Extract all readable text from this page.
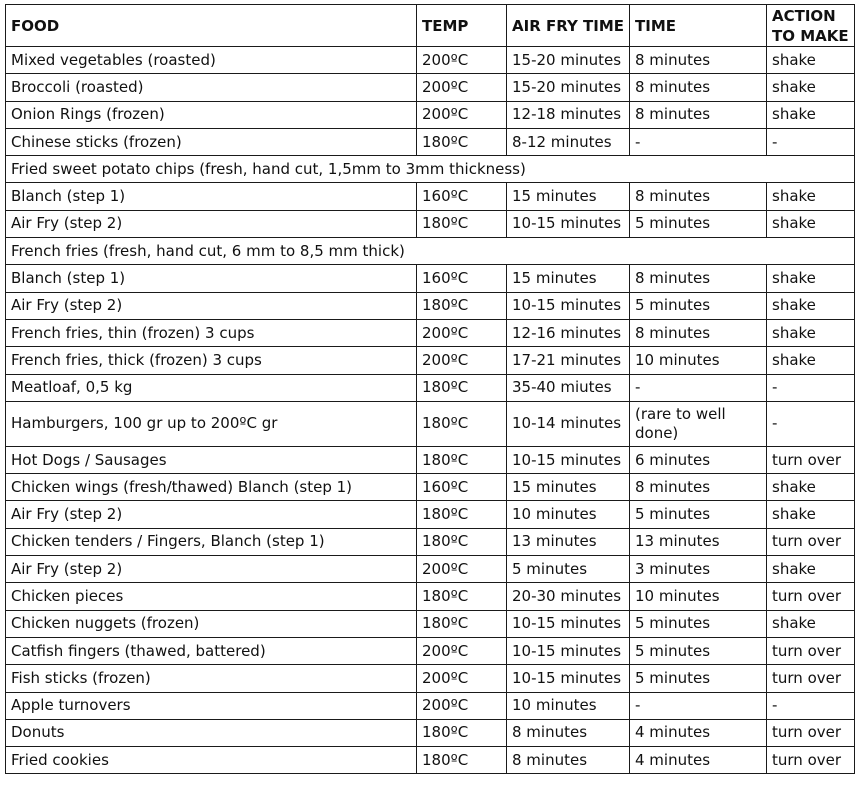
FOOD	TEMP	AIR FRY TIME	TIME	ACTION TO MAKE
Mixed vegetables (roasted)	200ºC	15-20 minutes	8 minutes	shake
Broccoli (roasted)	200ºC	15-20 minutes	8 minutes	shake
Onion Rings (frozen)	200ºC	12-18 minutes	8 minutes	shake
Chinese sticks (frozen)	180ºC	8-12 minutes	-	-
Fried sweet potato chips (fresh, hand cut, 1,5mm to 3mm thickness)				
Blanch (step 1)	160ºC	15 minutes	8 minutes	shake
Air Fry (step 2)	180ºC	10-15 minutes	5 minutes	shake
French fries (fresh, hand cut, 6 mm to 8,5 mm thick)				
Blanch (step 1)	160ºC	15 minutes	8 minutes	shake
Air Fry (step 2)	180ºC	10-15 minutes	5 minutes	shake
French fries, thin (frozen) 3 cups	200ºC	12-16 minutes	8 minutes	shake
French fries, thick (frozen) 3 cups	200ºC	17-21 minutes	10 minutes	shake
Meatloaf, 0,5 kg	180ºC	35-40 miutes	-	-
Hamburgers, 100 gr up to 200ºC gr	180ºC	10-14 minutes	(rare to well done)	-
Hot Dogs / Sausages	180ºC	10-15 minutes	6 minutes	turn over
Chicken wings (fresh/thawed) Blanch (step 1)	160ºC	15 minutes	8 minutes	shake
Air Fry (step 2)	180ºC	10 minutes	5 minutes	shake
Chicken tenders / Fingers, Blanch (step 1)	180ºC	13 minutes	13 minutes	turn over
Air Fry (step 2)	200ºC	5 minutes	3 minutes	shake
Chicken pieces	180ºC	20-30 minutes	10 minutes	turn over
Chicken nuggets (frozen)	180ºC	10-15 minutes	5 minutes	shake
Catfish fingers (thawed, battered)	200ºC	10-15 minutes	5 minutes	turn over
Fish sticks (frozen)	200ºC	10-15 minutes	5 minutes	turn over
Apple turnovers	200ºC	10 minutes	-	-
Donuts	180ºC	8 minutes	4 minutes	turn over
Fried cookies	180ºC	8 minutes	4 minutes	turn over
